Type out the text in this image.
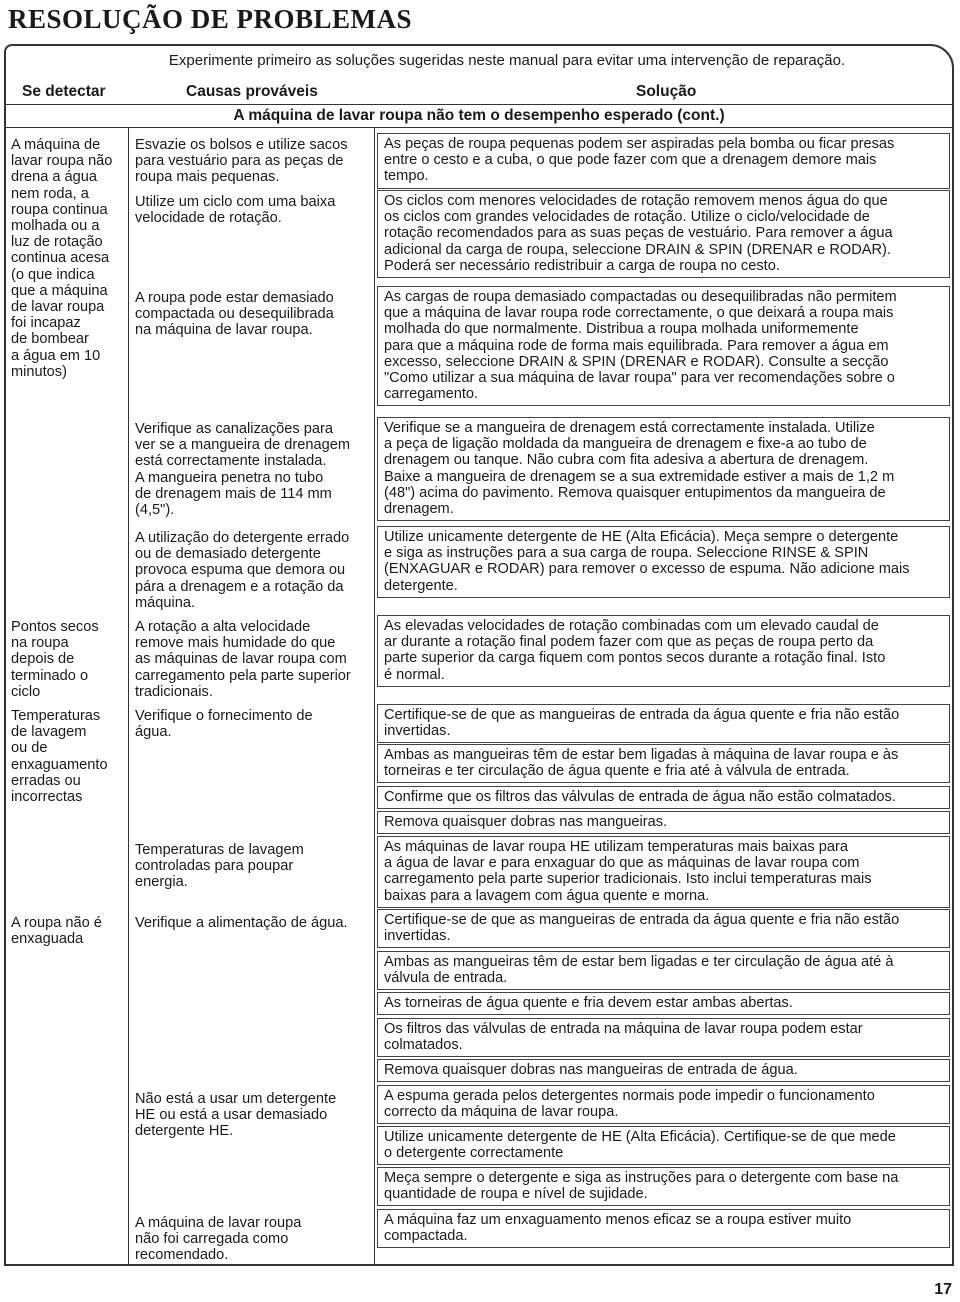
RESOLUÇÃO DE PROBLEMAS
Experimente primeiro as soluções sugeridas neste manual para evitar uma intervenção de reparação.
Se detectar	Causas prováveis	Solução
A máquina de lavar roupa não tem o desempenho esperado (cont.)

A máquina de
lavar roupa não
drena a água
nem roda, a
roupa continua
molhada ou a
luz de rotação
continua acesa
(o que indica
que a máquina
de lavar roupa
foi incapaz
de bombear
a água em 10
minutos)

Pontos secos
na roupa
depois de
terminado o
ciclo

Temperaturas
de lavagem
ou de
enxaguamento
erradas ou
incorrectas

A roupa não é
enxaguada

Esvazie os bolsos e utilize sacos
para vestuário para as peças de
roupa mais pequenas.

Utilize um ciclo com uma baixa
velocidade de rotação.

A roupa pode estar demasiado
compactada ou desequilibrada
na máquina de lavar roupa.

Verifique as canalizações para
ver se a mangueira de drenagem
está correctamente instalada.
A mangueira penetra no tubo
de drenagem mais de 114 mm
(4,5").

A utilização do detergente errado
ou de demasiado detergente
provoca espuma que demora ou
pára a drenagem e a rotação da
máquina.

A rotação a alta velocidade
remove mais humidade do que
as máquinas de lavar roupa com
carregamento pela parte superior
tradicionais.

Verifique o fornecimento de
água.

Temperaturas de lavagem
controladas para poupar
energia.

Verifique a alimentação de água.

Não está a usar um detergente
HE ou está a usar demasiado
detergente HE.

A máquina de lavar roupa
não foi carregada como
recomendado.

As peças de roupa pequenas podem ser aspiradas pela bomba ou ficar presas
entre o cesto e a cuba, o que pode fazer com que a drenagem demore mais
tempo.
Os ciclos com menores velocidades de rotação removem menos água do que
os ciclos com grandes velocidades de rotação. Utilize o ciclo/velocidade de
rotação recomendados para as suas peças de vestuário. Para remover a água
adicional da carga de roupa, seleccione DRAIN & SPIN (DRENAR e RODAR).
Poderá ser necessário redistribuir a carga de roupa no cesto.
As cargas de roupa demasiado compactadas ou desequilibradas não permitem
que a máquina de lavar roupa rode correctamente, o que deixará a roupa mais
molhada do que normalmente. Distribua a roupa molhada uniformemente
para que a máquina rode de forma mais equilibrada. Para remover a água em
excesso, seleccione DRAIN & SPIN (DRENAR e RODAR). Consulte a secção
"Como utilizar a sua máquina de lavar roupa" para ver recomendações sobre o
carregamento.
Verifique se a mangueira de drenagem está correctamente instalada. Utilize
a peça de ligação moldada da mangueira de drenagem e fixe-a ao tubo de
drenagem ou tanque. Não cubra com fita adesiva a abertura de drenagem.
Baixe a mangueira de drenagem se a sua extremidade estiver a mais de 1,2 m
(48") acima do pavimento. Remova quaisquer entupimentos da mangueira de
drenagem.
Utilize unicamente detergente de HE (Alta Eficácia). Meça sempre o detergente
e siga as instruções para a sua carga de roupa. Seleccione RINSE & SPIN
(ENXAGUAR e RODAR) para remover o excesso de espuma. Não adicione mais
detergente.
As elevadas velocidades de rotação combinadas com um elevado caudal de
ar durante a rotação final podem fazer com que as peças de roupa perto da
parte superior da carga fiquem com pontos secos durante a rotação final. Isto
é normal.
Certifique-se de que as mangueiras de entrada da água quente e fria não estão
invertidas.
Ambas as mangueiras têm de estar bem ligadas à máquina de lavar roupa e às
torneiras e ter circulação de água quente e fria até à válvula de entrada.
Confirme que os filtros das válvulas de entrada de água não estão colmatados.
Remova quaisquer dobras nas mangueiras.
As máquinas de lavar roupa HE utilizam temperaturas mais baixas para
a água de lavar e para enxaguar do que as máquinas de lavar roupa com
carregamento pela parte superior tradicionais. Isto inclui temperaturas mais
baixas para a lavagem com água quente e morna.
Certifique-se de que as mangueiras de entrada da água quente e fria não estão
invertidas.
Ambas as mangueiras têm de estar bem ligadas e ter circulação de água até à
válvula de entrada.
As torneiras de água quente e fria devem estar ambas abertas.
Os filtros das válvulas de entrada na máquina de lavar roupa podem estar
colmatados.
Remova quaisquer dobras nas mangueiras de entrada de água.
A espuma gerada pelos detergentes normais pode impedir o funcionamento
correcto da máquina de lavar roupa.
Utilize unicamente detergente de HE (Alta Eficácia). Certifique-se de que mede
o detergente correctamente
Meça sempre o detergente e siga as instruções para o detergente com base na
quantidade de roupa e nível de sujidade.
A máquina faz um enxaguamento menos eficaz se a roupa estiver muito
compactada.
17
